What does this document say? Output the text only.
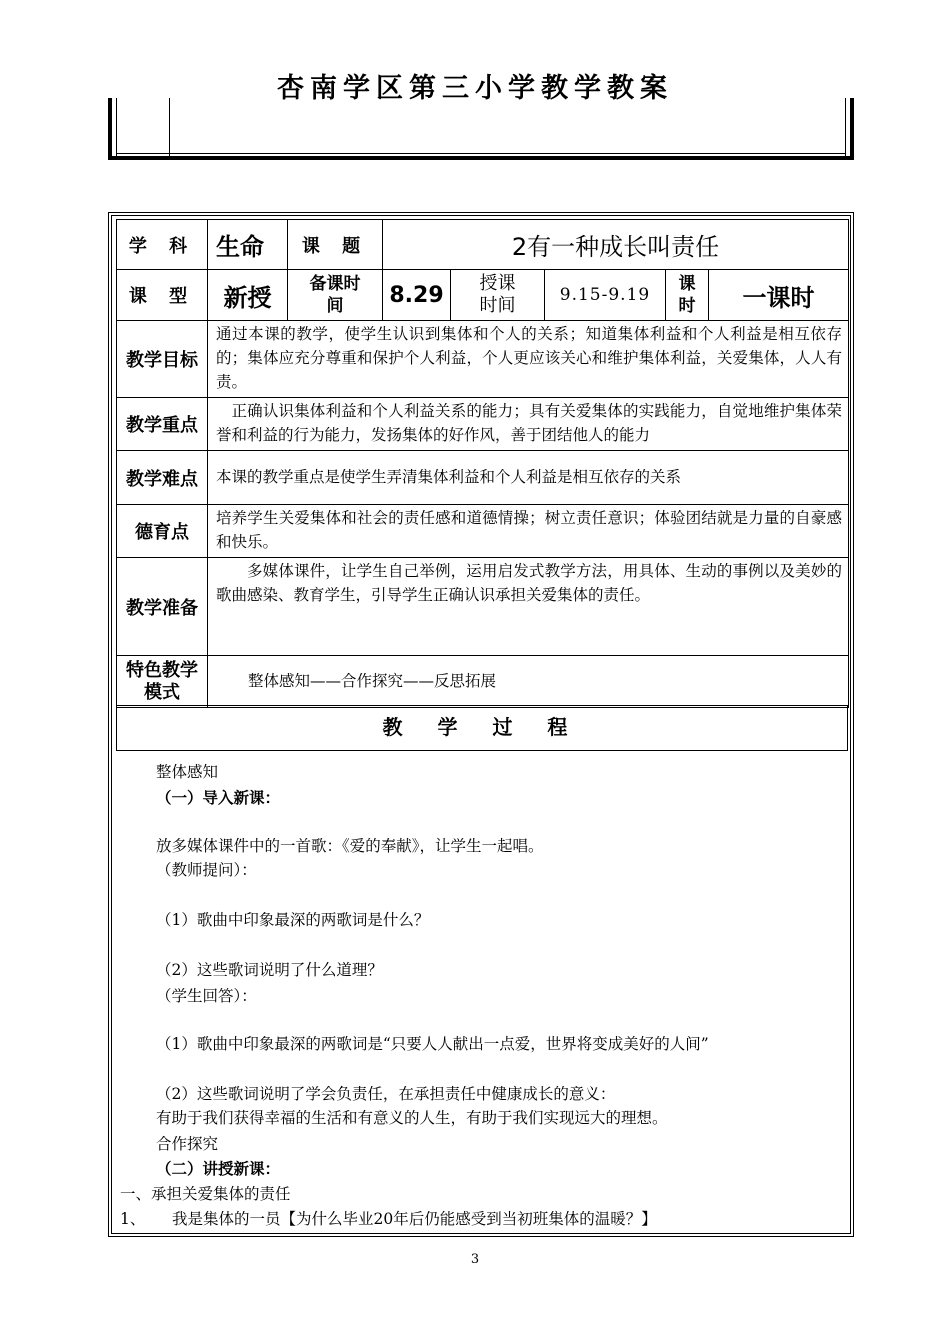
杏南学区第三小学教学教案
学 科	生命	课 题	2有一种成长叫责任				
课 型	新授	备课时间	8.29	授课时间	9.15-9.19	课时	一课时
教学目标	通过本课的教学，使学生认识到集体和个人的关系；知道集体利益和个人利益是相互依存的；集体应充分尊重和保护个人利益，个人更应该关心和维护集体利益，关爱集体，人人有责。						
教学重点	正确认识集体利益和个人利益关系的能力；具有关爱集体的实践能力，自觉地维护集体荣誉和利益的行为能力，发扬集体的好作风，善于团结他人的能力						
教学难点	本课的教学重点是使学生弄清集体利益和个人利益是相互依存的关系						
德育点	培养学生关爱集体和社会的责任感和道德情操；树立责任意识；体验团结就是力量的自豪感和快乐。						
教学准备	多媒体课件，让学生自己举例，运用启发式教学方法，用具体、生动的事例以及美妙的歌曲感染、教育学生，引导学生正确认识承担关爱集体的责任。						
特色教学模式	整体感知——合作探究——反思拓展						
教 学 过 程
整体感知
（一）导入新课：
放多媒体课件中的一首歌：《爱的奉献》，让学生一起唱。
（教师提问）：
（1）歌曲中印象最深的两歌词是什么？
（2）这些歌词说明了什么道理？
（学生回答）：
（1）歌曲中印象最深的两歌词是“只要人人献出一点爱，世界将变成美好的人间”
（2）这些歌词说明了学会负责任，在承担责任中健康成长的意义：
有助于我们获得幸福的生活和有意义的人生，有助于我们实现远大的理想。
合作探究
（二）讲授新课：
一、承担关爱集体的责任
1、 我是集体的一员【为什么毕业20年后仍能感受到当初班集体的温暖？】
3
